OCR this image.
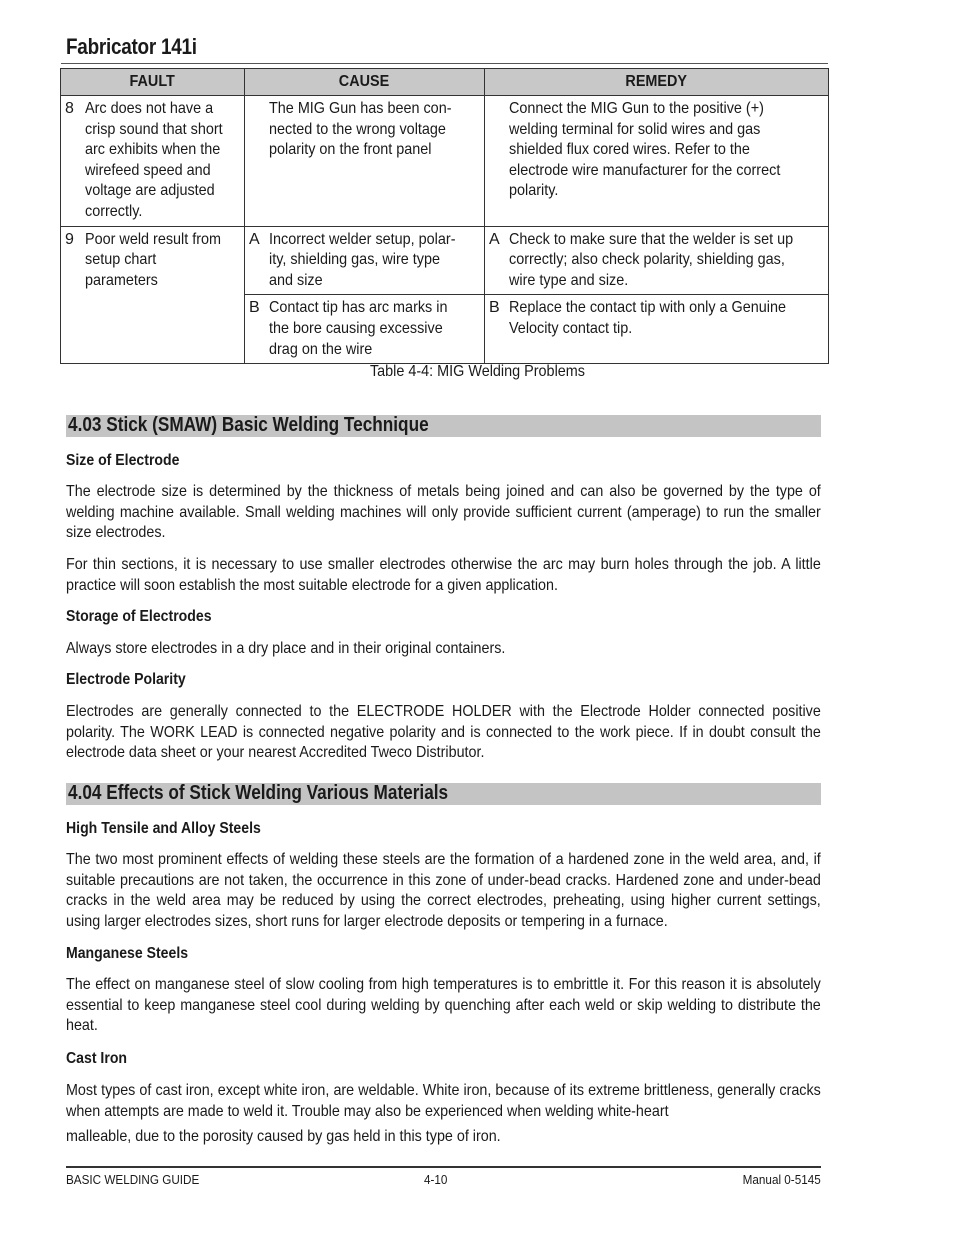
Fabricator 141i
FAULT	CAUSE	REMEDY

8 Arc does not have a crisp sound that short arc exhibits when the wirefeed speed and voltage are adjusted correctly.	The MIG Gun has been con- nected to the wrong voltage polarity on the front panel	Connect the MIG Gun to the positive (+) welding terminal for solid wires and gas shielded flux cored wires. Refer to the electrode wire manufacturer for the correct polarity.

9 Poor weld result from setup chart parameters	A Incorrect welder setup, polar- ity, shielding gas, wire type and size	A Check to make sure that the welder is set up correctly; also check polarity, shielding gas, wire type and size.

	B Contact tip has arc marks in the bore causing excessive drag on the wire	B Replace the contact tip with only a Genuine Velocity contact tip.
Table 4-4: MIG Welding Problems
4.03 Stick (SMAW) Basic Welding Technique
Size of Electrode
The electrode size is determined by the thickness of metals being joined and can also be governed by the type of welding machine available. Small welding machines will only provide sufficient current (amperage) to run the smaller size electrodes.
For thin sections, it is necessary to use smaller electrodes otherwise the arc may burn holes through the job. A little practice will soon establish the most suitable electrode for a given application.
Storage of Electrodes
Always store electrodes in a dry place and in their original containers.
Electrode Polarity
Electrodes are generally connected to the ELECTRODE HOLDER with the Electrode Holder connected positive polarity. The WORK LEAD is connected negative polarity and is connected to the work piece. If in doubt consult the electrode data sheet or your nearest Accredited Tweco Distributor.
4.04 Effects of Stick Welding Various Materials
High Tensile and Alloy Steels
The two most prominent effects of welding these steels are the formation of a hardened zone in the weld area, and, if suitable precautions are not taken, the occurrence in this zone of under-bead cracks. Hardened zone and under-bead cracks in the weld area may be reduced by using the correct electrodes, preheating, using higher current settings, using larger electrodes sizes, short runs for larger electrode deposits or tempering in a furnace.
Manganese Steels
The effect on manganese steel of slow cooling from high temperatures is to embrittle it. For this reason it is absolutely essential to keep manganese steel cool during welding by quenching after each weld or skip welding to distribute the heat.
Cast Iron
Most types of cast iron, except white iron, are weldable. White iron, because of its extreme brittleness, generally cracks when attempts are made to weld it. Trouble may also be experienced when welding white-heart
malleable, due to the porosity caused by gas held in this type of iron.
BASIC WELDING GUIDE	4-10	Manual 0-5145
